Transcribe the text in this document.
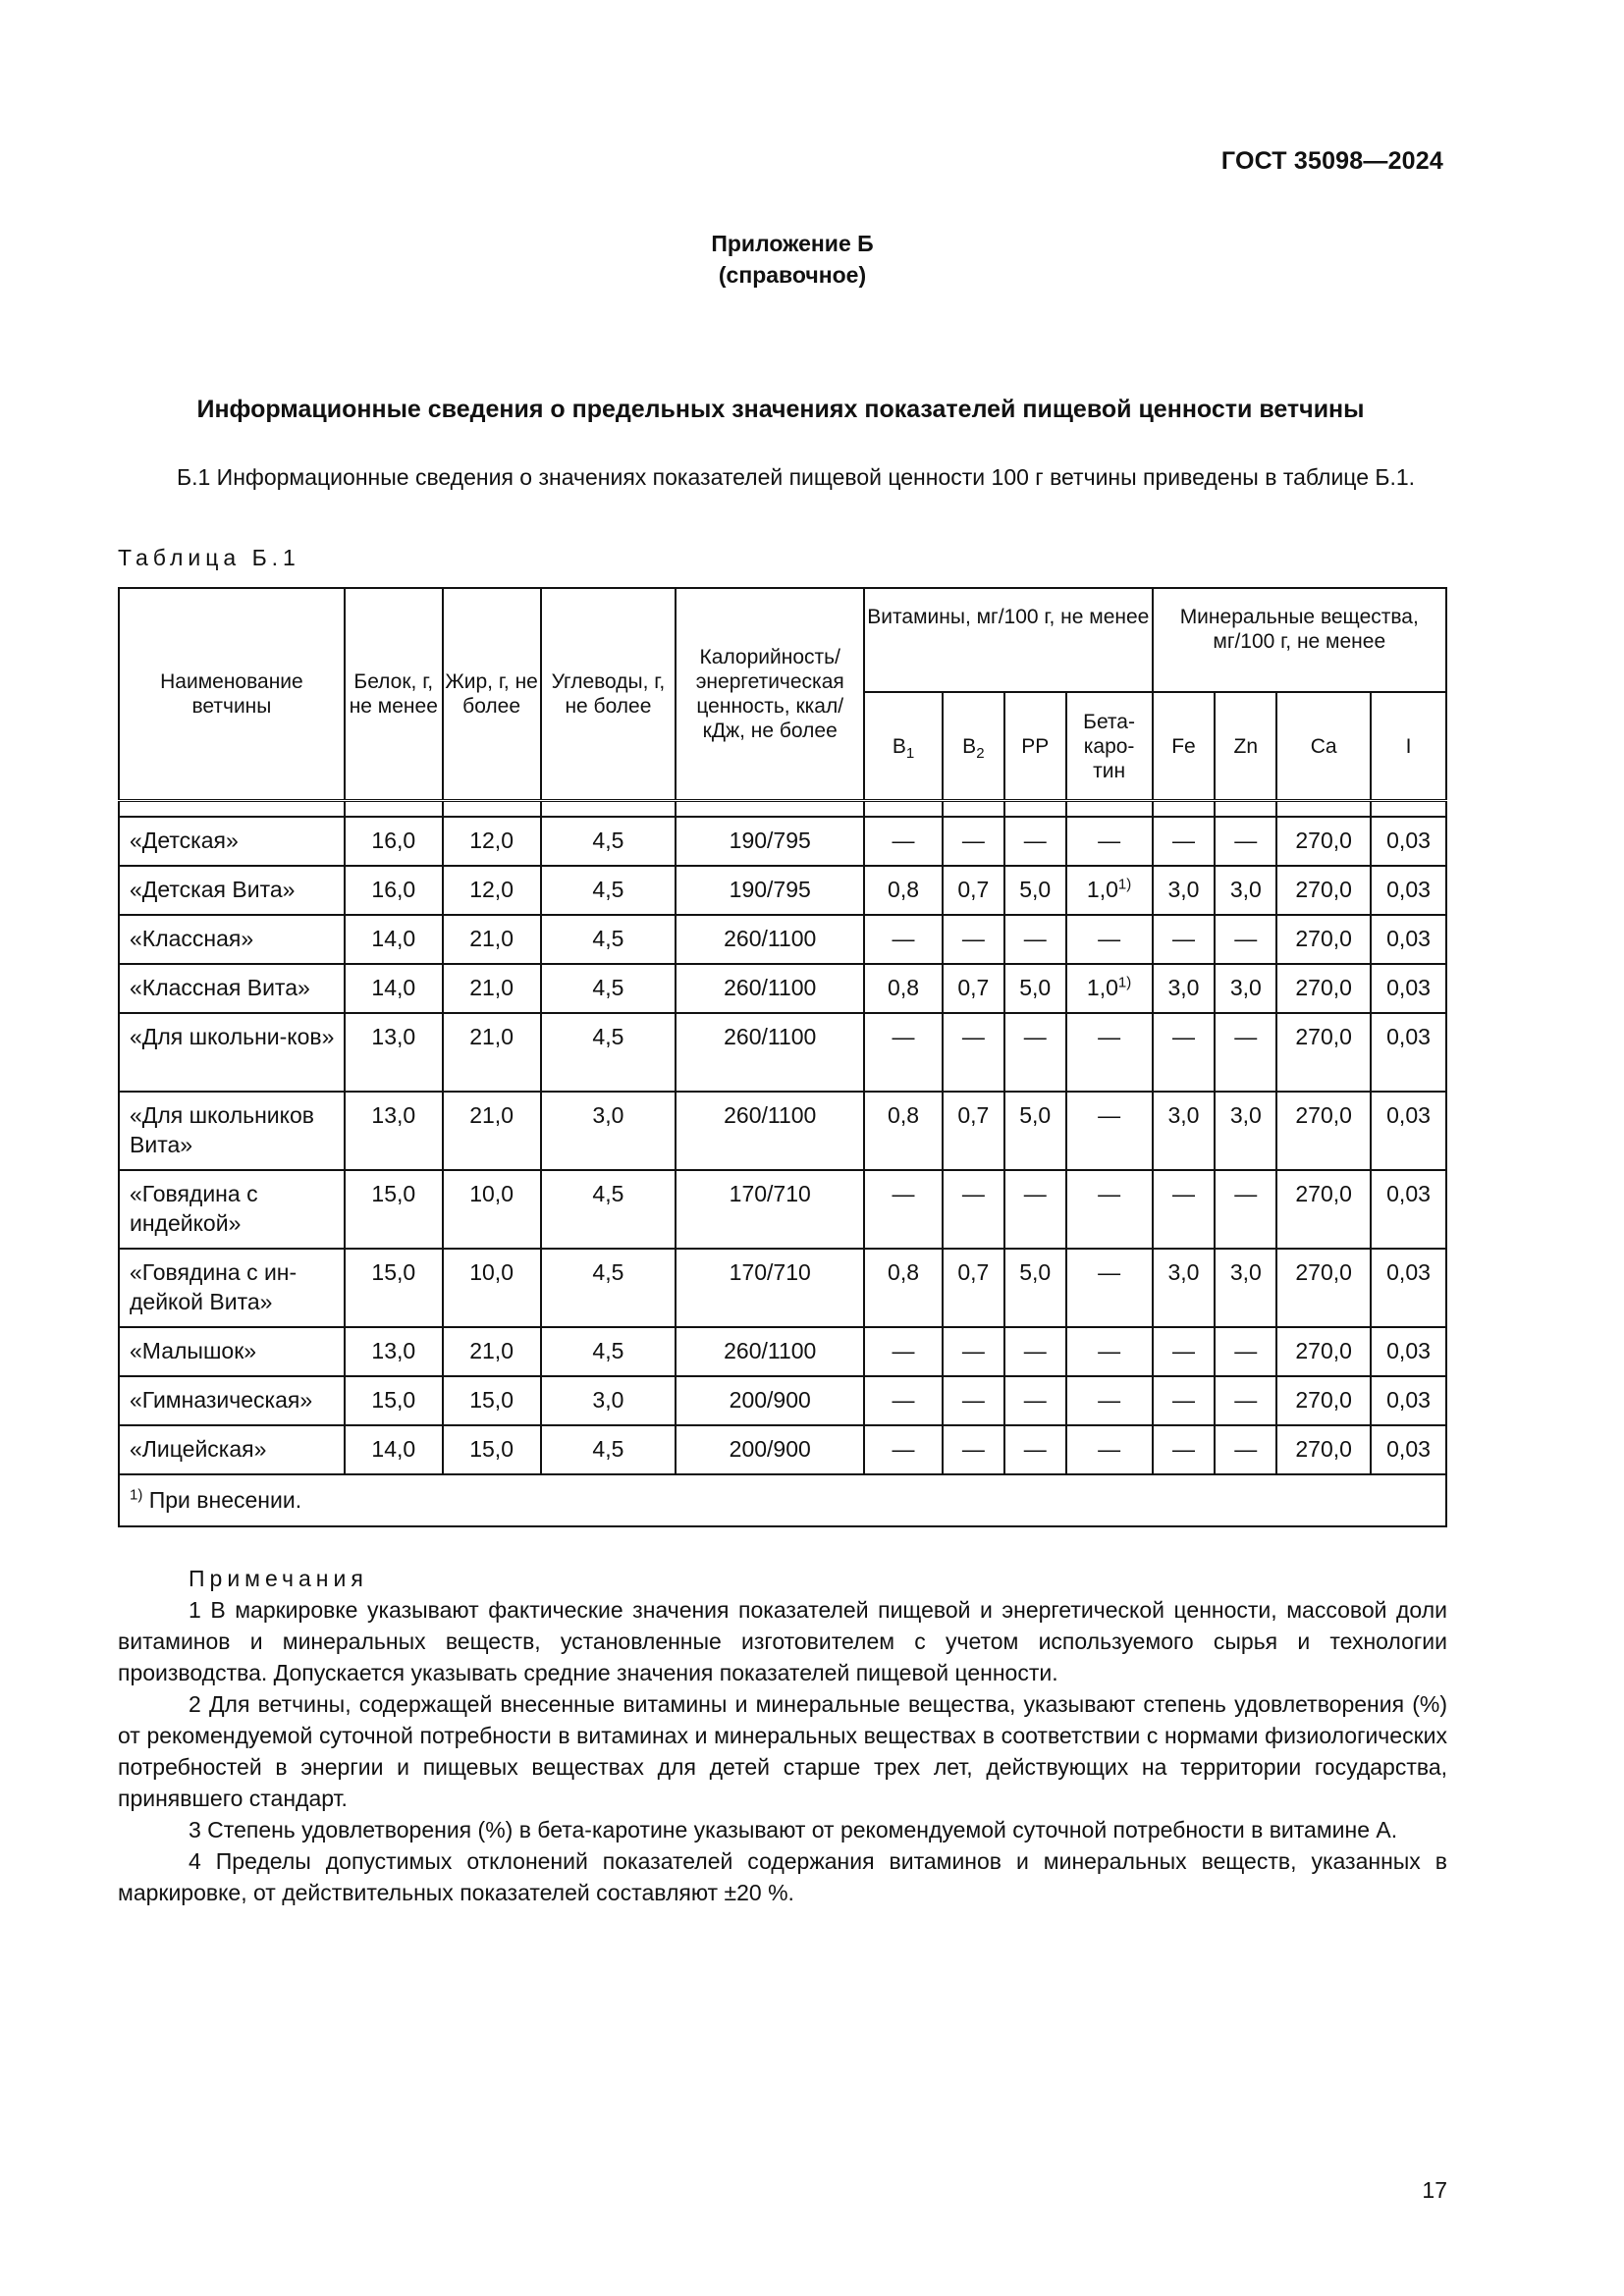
ГОСТ 35098—2024
Приложение Б
(справочное)
Информационные сведения о предельных значениях показателей пищевой ценности ветчины
Б.1 Информационные сведения о значениях показателей пищевой ценности 100 г ветчины приведены в таблице Б.1.
Таблица Б.1
Наименование ветчины	Белок, г, не менее	Жир, г, не более	Углеводы, г, не более	Калорийность/ энергетическая ценность, ккал/ кДж, не более	Витамины, мг/100 г, не менее				Минеральные вещества, мг/100 г, не менее			
					$B_1$	$B_2$	PP	Бета-каро-тин	Fe	Zn	Ca	I

«Детская»	16,0	12,0	4,5	190/795	—	—	—	—	—	—	270,0	0,03
«Детская Вита»	16,0	12,0	4,5	190/795	0,8	0,7	5,0	1,0$^{1)}$	3,0	3,0	270,0	0,03
«Классная»	14,0	21,0	4,5	260/1100	—	—	—	—	—	—	270,0	0,03
«Классная Вита»	14,0	21,0	4,5	260/1100	0,8	0,7	5,0	1,0$^{1)}$	3,0	3,0	270,0	0,03
«Для школьни-ков»	13,0	21,0	4,5	260/1100	—	—	—	—	—	—	270,0	0,03
«Для школьников Вита»	13,0	21,0	3,0	260/1100	0,8	0,7	5,0	—	3,0	3,0	270,0	0,03
«Говядина с индейкой»	15,0	10,0	4,5	170/710	—	—	—	—	—	—	270,0	0,03
«Говядина с ин-дейкой Вита»	15,0	10,0	4,5	170/710	0,8	0,7	5,0	—	3,0	3,0	270,0	0,03
«Малышок»	13,0	21,0	4,5	260/1100	—	—	—	—	—	—	270,0	0,03
«Гимназическая»	15,0	15,0	3,0	200/900	—	—	—	—	—	—	270,0	0,03
«Лицейская»	14,0	15,0	4,5	200/900	—	—	—	—	—	—	270,0	0,03
$^{1)}$ При внесении.												
Примечания

1 В маркировке указывают фактические значения показателей пищевой и энергетической ценности, массовой доли витаминов и минеральных веществ, установленные изготовителем с учетом используемого сырья и технологии производства. Допускается указывать средние значения показателей пищевой ценности.

2 Для ветчины, содержащей внесенные витамины и минеральные вещества, указывают степень удовлетворения (%) от рекомендуемой суточной потребности в витаминах и минеральных веществах в соответствии с нормами физиологических потребностей в энергии и пищевых веществах для детей старше трех лет, действующих на территории государства, принявшего стандарт.

3 Степень удовлетворения (%) в бета-каротине указывают от рекомендуемой суточной потребности в витамине А.

4 Пределы допустимых отклонений показателей содержания витаминов и минеральных веществ, указанных в маркировке, от действительных показателей составляют ±20 %.

17
